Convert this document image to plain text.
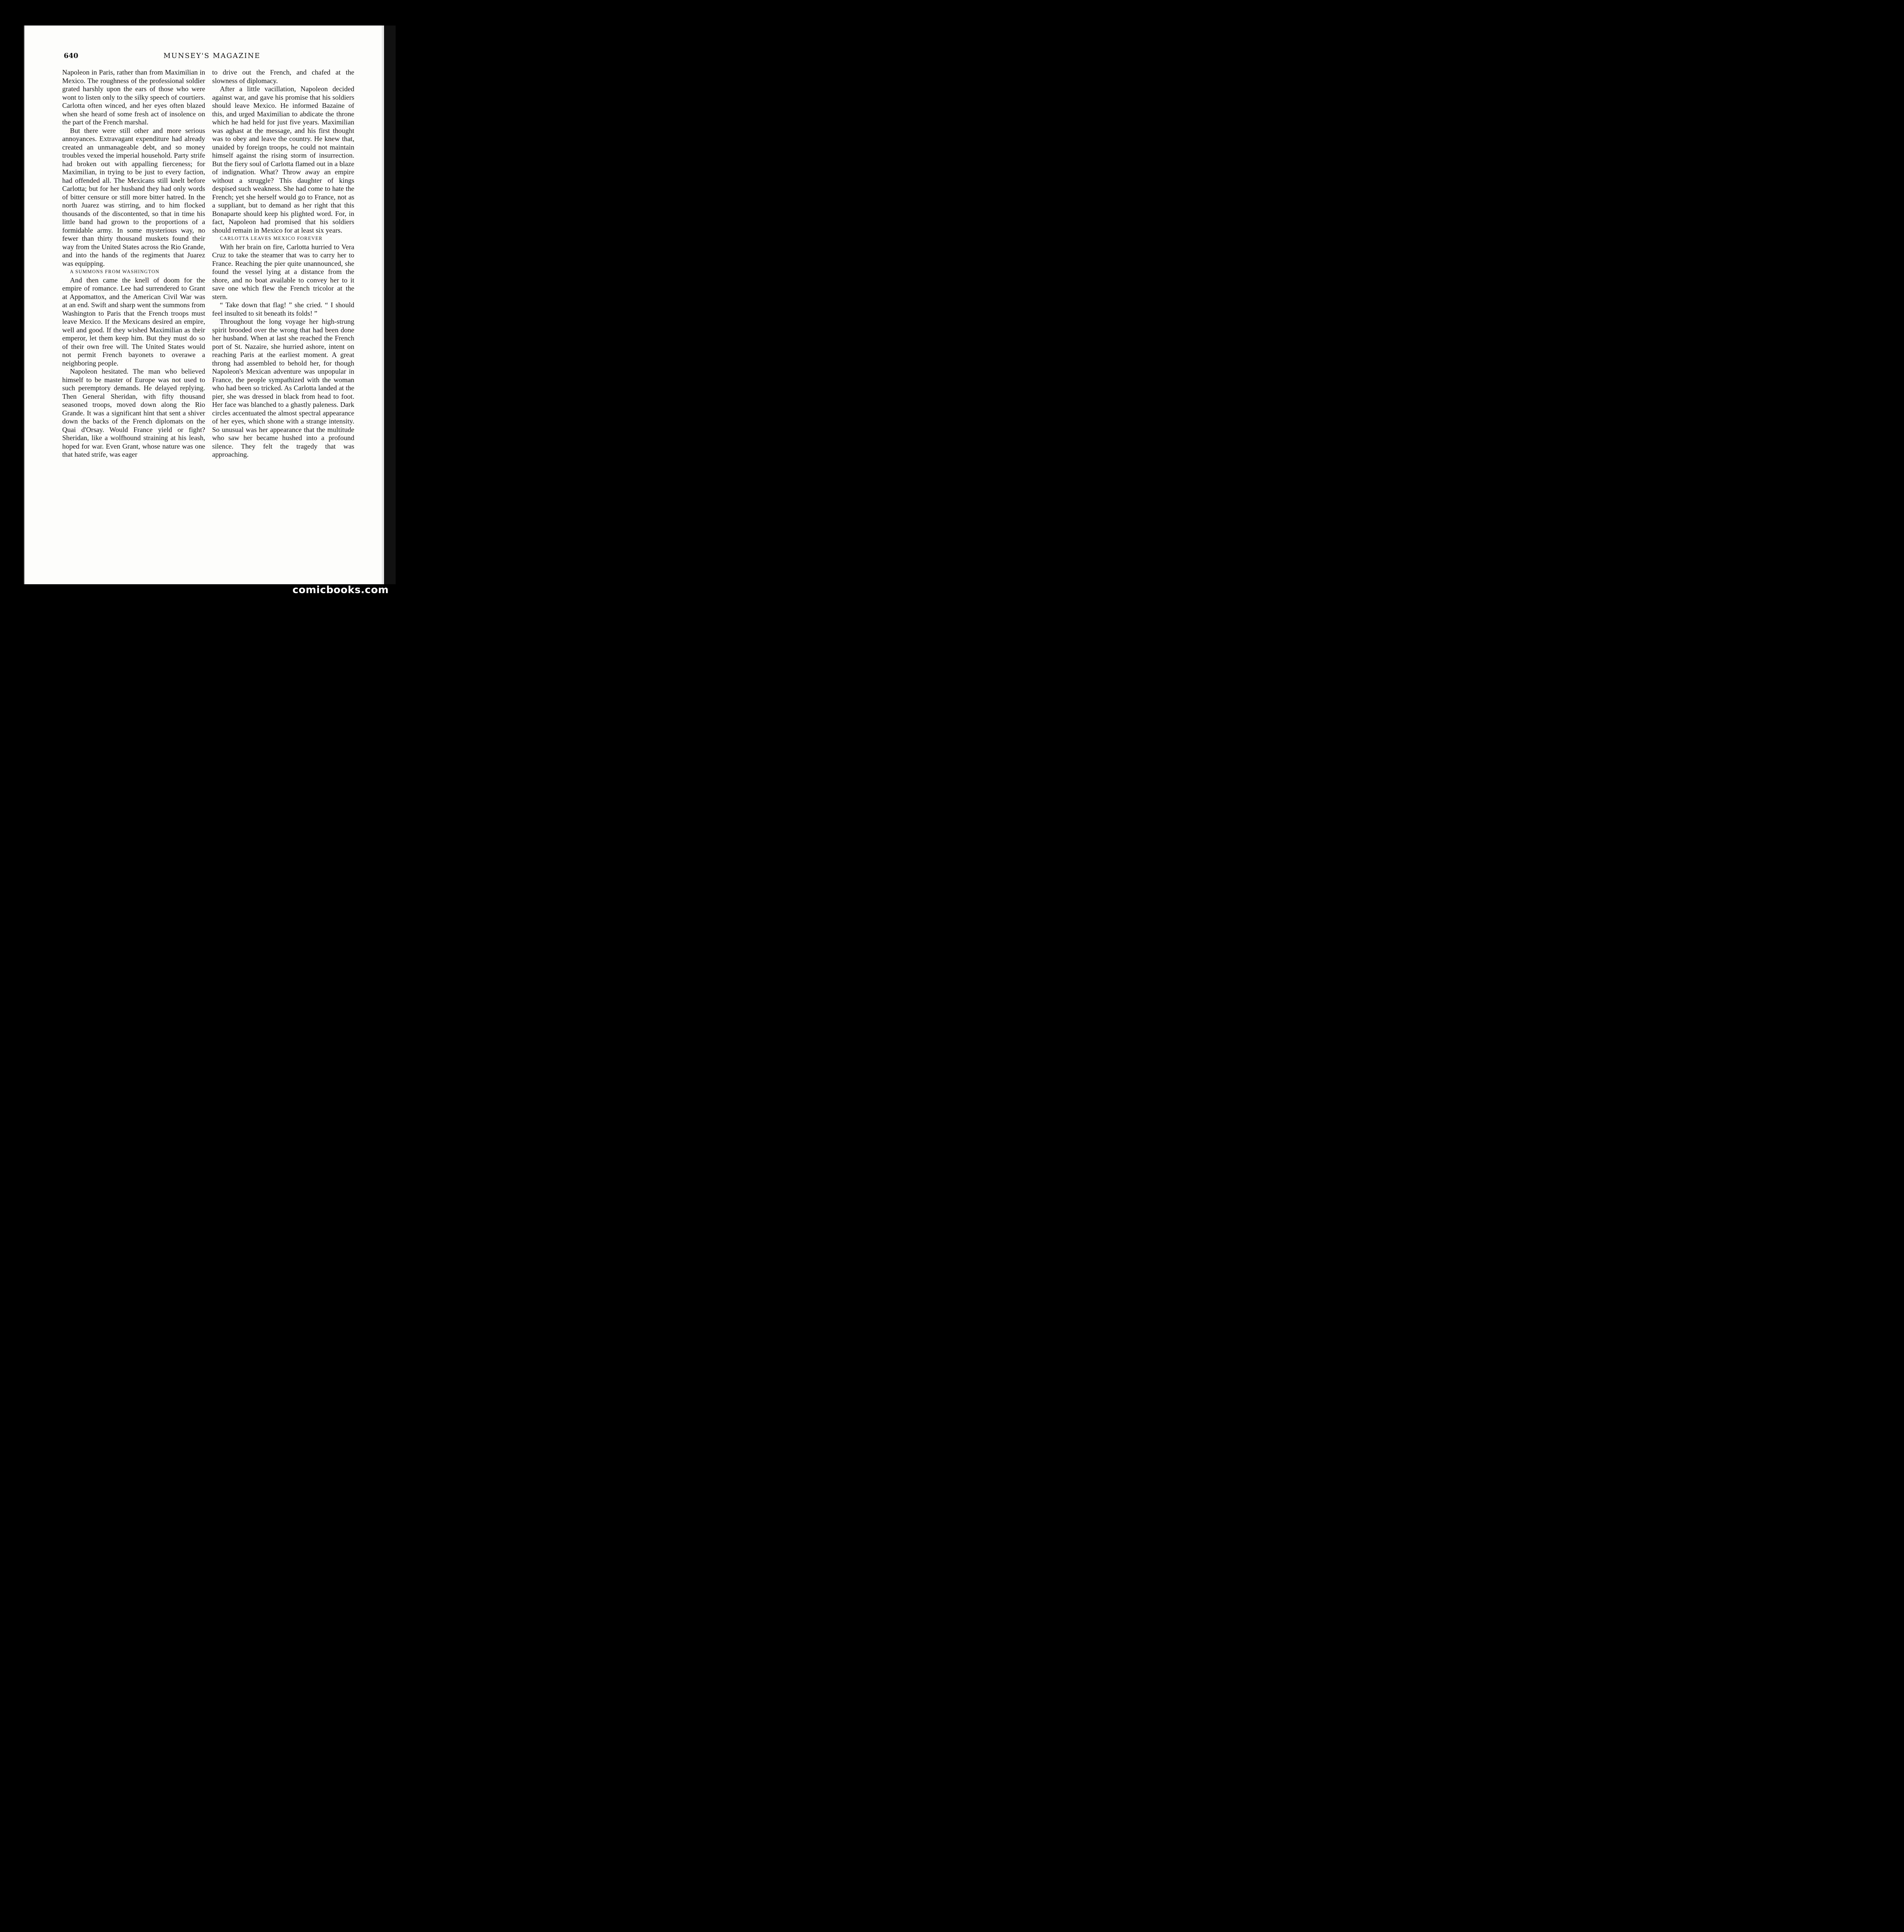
640	MUNSEY'S MAGAZINE

Napoleon in Paris, rather than from Maximilian in Mexico. The roughness of the professional soldier grated harshly upon the ears of those who were wont to listen only to the silky speech of courtiers. Carlotta often winced, and her eyes often blazed when she heard of some fresh act of insolence on the part of the French marshal.

But there were still other and more serious annoyances. Extravagant expenditure had already created an unmanageable debt, and so money troubles vexed the imperial household. Party strife had broken out with appalling fierceness; for Maximilian, in trying to be just to every faction, had offended all. The Mexicans still knelt before Carlotta; but for her husband they had only words of bitter censure or still more bitter hatred. In the north Juarez was stirring, and to him flocked thousands of the discontented, so that in time his little band had grown to the proportions of a formidable army. In some mysterious way, no fewer than thirty thousand muskets found their way from the United States across the Rio Grande, and into the hands of the regiments that Juarez was equipping.

A SUMMONS FROM WASHINGTON

And then came the knell of doom for the empire of romance. Lee had surrendered to Grant at Appomattox, and the American Civil War was at an end. Swift and sharp went the summons from Washington to Paris that the French troops must leave Mexico. If the Mexicans desired an empire, well and good. If they wished Maximilian as their emperor, let them keep him. But they must do so of their own free will. The United States would not permit French bayonets to overawe a neighboring people.

Napoleon hesitated. The man who believed himself to be master of Europe was not used to such peremptory demands. He delayed replying. Then General Sheridan, with fifty thousand seasoned troops, moved down along the Rio Grande. It was a significant hint that sent a shiver down the backs of the French diplomats on the Quai d'Orsay. Would France yield or fight? Sheridan, like a wolfhound straining at his leash, hoped for war. Even Grant, whose nature was one that hated strife, was eager

to drive out the French, and chafed at the slowness of diplomacy.

After a little vacillation, Napoleon decided against war, and gave his promise that his soldiers should leave Mexico. He informed Bazaine of this, and urged Maximilian to abdicate the throne which he had held for just five years. Maximilian was aghast at the message, and his first thought was to obey and leave the country. He knew that, unaided by foreign troops, he could not maintain himself against the rising storm of insurrection. But the fiery soul of Carlotta flamed out in a blaze of indignation. What? Throw away an empire without a struggle? This daughter of kings despised such weakness. She had come to hate the French; yet she herself would go to France, not as a suppliant, but to demand as her right that this Bonaparte should keep his plighted word. For, in fact, Napoleon had promised that his soldiers should remain in Mexico for at least six years.

CARLOTTA LEAVES MEXICO FOREVER

With her brain on fire, Carlotta hurried to Vera Cruz to take the steamer that was to carry her to France. Reaching the pier quite unannounced, she found the vessel lying at a distance from the shore, and no boat available to convey her to it save one which flew the French tricolor at the stern.

“ Take down that flag! ” she cried. “ I should feel insulted to sit beneath its folds! ”

Throughout the long voyage her high-strung spirit brooded over the wrong that had been done her husband. When at last she reached the French port of St. Nazaire, she hurried ashore, intent on reaching Paris at the earliest moment. A great throng had assembled to behold her, for though Napoleon's Mexican adventure was unpopular in France, the people sympathized with the woman who had been so tricked. As Carlotta landed at the pier, she was dressed in black from head to foot. Her face was blanched to a ghastly paleness. Dark circles accentuated the almost spectral appearance of her eyes, which shone with a strange intensity. So unusual was her appearance that the multitude who saw her became hushed into a profound silence. They felt the tragedy that was approaching.

comicbooks.com
